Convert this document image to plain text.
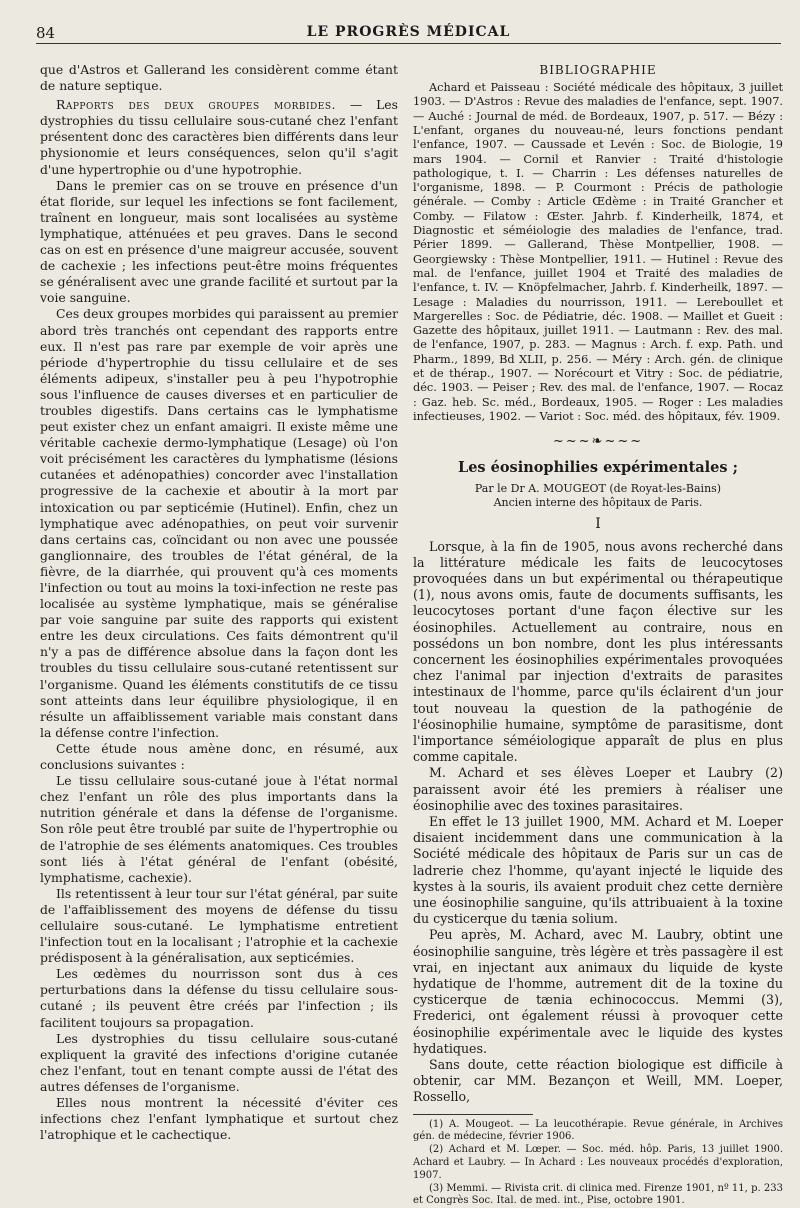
84	LE PROGRÈS MÉDICAL

que d'Astros et Gallerand les considèrent comme étant de nature septique.

Rapports des deux groupes morbides. — Les dystrophies du tissu cellulaire sous-cutané chez l'enfant présentent donc des caractères bien différents dans leur physionomie et leurs conséquences, selon qu'il s'agit d'une hypertrophie ou d'une hypotrophie.

Dans le premier cas on se trouve en présence d'un état floride, sur lequel les infections se font facilement, traînent en longueur, mais sont localisées au système lymphatique, atténuées et peu graves. Dans le second cas on est en présence d'une maigreur accusée, souvent de cachexie ; les infections peut-être moins fréquentes se généralisent avec une grande facilité et surtout par la voie sanguine.

Ces deux groupes morbides qui paraissent au premier abord très tranchés ont cependant des rapports entre eux. Il n'est pas rare par exemple de voir après une période d'hypertrophie du tissu cellulaire et de ses éléments adipeux, s'installer peu à peu l'hypotrophie sous l'influence de causes diverses et en particulier de troubles digestifs. Dans certains cas le lymphatisme peut exister chez un enfant amaigri. Il existe même une véritable cachexie dermo-lymphatique (Lesage) où l'on voit précisément les caractères du lymphatisme (lésions cutanées et adénopathies) concorder avec l'installation progressive de la cachexie et aboutir à la mort par intoxication ou par septicémie (Hutinel). Enfin, chez un lymphatique avec adénopathies, on peut voir survenir dans certains cas, coïncidant ou non avec une poussée ganglionnaire, des troubles de l'état général, de la fièvre, de la diarrhée, qui prouvent qu'à ces moments l'infection ou tout au moins la toxi-infection ne reste pas localisée au système lymphatique, mais se généralise par voie sanguine par suite des rapports qui existent entre les deux circulations. Ces faits démontrent qu'il n'y a pas de différence absolue dans la façon dont les troubles du tissu cellulaire sous-cutané retentissent sur l'organisme. Quand les éléments constitutifs de ce tissu sont atteints dans leur équilibre physiologique, il en résulte un affaiblissement variable mais constant dans la défense contre l'infection.

Cette étude nous amène donc, en résumé, aux conclusions suivantes :

Le tissu cellulaire sous-cutané joue à l'état normal chez l'enfant un rôle des plus importants dans la nutrition générale et dans la défense de l'organisme. Son rôle peut être troublé par suite de l'hypertrophie ou de l'atrophie de ses éléments anatomiques. Ces troubles sont liés à l'état général de l'enfant (obésité, lymphatisme, cachexie).

Ils retentissent à leur tour sur l'état général, par suite de l'affaiblissement des moyens de défense du tissu cellulaire sous-cutané. Le lymphatisme entretient l'infection tout en la localisant ; l'atrophie et la cachexie prédisposent à la généralisation, aux septicémies.

Les œdèmes du nourrisson sont dus à ces perturbations dans la défense du tissu cellulaire sous-cutané ; ils peuvent être créés par l'infection ; ils facilitent toujours sa propagation.

Les dystrophies du tissu cellulaire sous-cutané expliquent la gravité des infections d'origine cutanée chez l'enfant, tout en tenant compte aussi de l'état des autres défenses de l'organisme.

Elles nous montrent la nécessité d'éviter ces infections chez l'enfant lymphatique et surtout chez l'atrophique et le cachectique.

BIBLIOGRAPHIE

Achard et Paisseau : Société médicale des hôpitaux, 3 juillet 1903. — D'Astros : Revue des maladies de l'enfance, sept. 1907. — Auché : Journal de méd. de Bordeaux, 1907, p. 517. — Bézy : L'enfant, organes du nouveau-né, leurs fonctions pendant l'enfance, 1907. — Caussade et Levén : Soc. de Biologie, 19 mars 1904. — Cornil et Ranvier : Traité d'histologie pathologique, t. I. — Charrin : Les défenses naturelles de l'organisme, 1898. — P. Courmont : Précis de pathologie générale. — Comby : Article Œdème : in Traité Grancher et Comby. — Filatow : Œster. Jahrb. f. Kinderheilk, 1874, et Diagnostic et séméiologie des maladies de l'enfance, trad. Périer 1899. — Gallerand, Thèse Montpellier, 1908. — Georgiewsky : Thèse Montpellier, 1911. — Hutinel : Revue des mal. de l'enfance, juillet 1904 et Traité des maladies de l'enfance, t. IV. — Knöpfelmacher, Jahrb. f. Kinderheilk, 1897. — Lesage : Maladies du nourrisson, 1911. — Lereboullet et Margerelles : Soc. de Pédiatrie, déc. 1908. — Maillet et Gueit : Gazette des hôpitaux, juillet 1911. — Lautmann : Rev. des mal. de l'enfance, 1907, p. 283. — Magnus : Arch. f. exp. Path. und Pharm., 1899, Bd XLII, p. 256. — Méry : Arch. gén. de clinique et de thérap., 1907. — Norécourt et Vitry : Soc. de pédiatrie, déc. 1903. — Peiser ; Rev. des mal. de l'enfance, 1907. — Rocaz : Gaz. heb. Sc. méd., Bordeaux, 1905. — Roger : Les maladies infectieuses, 1902. — Variot : Soc. méd. des hôpitaux, fév. 1909.

~~~❧~~~
Les éosinophilies expérimentales ;
Par le Dr A. MOUGEOT (de Royat-les-Bains)
Ancien interne des hôpitaux de Paris.
I

Lorsque, à la fin de 1905, nous avons recherché dans la littérature médicale les faits de leucocytoses provoquées dans un but expérimental ou thérapeutique (1), nous avons omis, faute de documents suffisants, les leucocytoses portant d'une façon élective sur les éosinophiles. Actuellement au contraire, nous en possédons un bon nombre, dont les plus intéressants concernent les éosinophilies expérimentales provoquées chez l'animal par injection d'extraits de parasites intestinaux de l'homme, parce qu'ils éclairent d'un jour tout nouveau la question de la pathogénie de l'éosinophilie humaine, symptôme de parasitisme, dont l'importance séméiologique apparaît de plus en plus comme capitale.

M. Achard et ses élèves Loeper et Laubry (2) paraissent avoir été les premiers à réaliser une éosinophilie avec des toxines parasitaires.

En effet le 13 juillet 1900, MM. Achard et M. Loeper disaient incidemment dans une communication à la Société médicale des hôpitaux de Paris sur un cas de ladrerie chez l'homme, qu'ayant injecté le liquide des kystes à la souris, ils avaient produit chez cette dernière une éosinophilie sanguine, qu'ils attribuaient à la toxine du cysticerque du tænia solium.

Peu après, M. Achard, avec M. Laubry, obtint une éosinophilie sanguine, très légère et très passagère il est vrai, en injectant aux animaux du liquide de kyste hydatique de l'homme, autrement dit de la toxine du cysticerque de tænia echinococcus. Memmi (3), Frederici, ont également réussi à provoquer cette éosinophilie expérimentale avec le liquide des kystes hydatiques.

Sans doute, cette réaction biologique est difficile à obtenir, car MM. Bezançon et Weill, MM. Loeper, Rossello,

(1) A. Mougeot. — La leucothérapie. Revue générale, in Archives gén. de médecine, février 1906.

(2) Achard et M. Lœper. — Soc. méd. hôp. Paris, 13 juillet 1900. Achard et Laubry. — In Achard : Les nouveaux procédés d'exploration, 1907.

(3) Memmi. — Rivista crit. di clinica med. Firenze 1901, nº 11, p. 233 et Congrès Soc. Ital. de med. int., Pise, octobre 1901.
